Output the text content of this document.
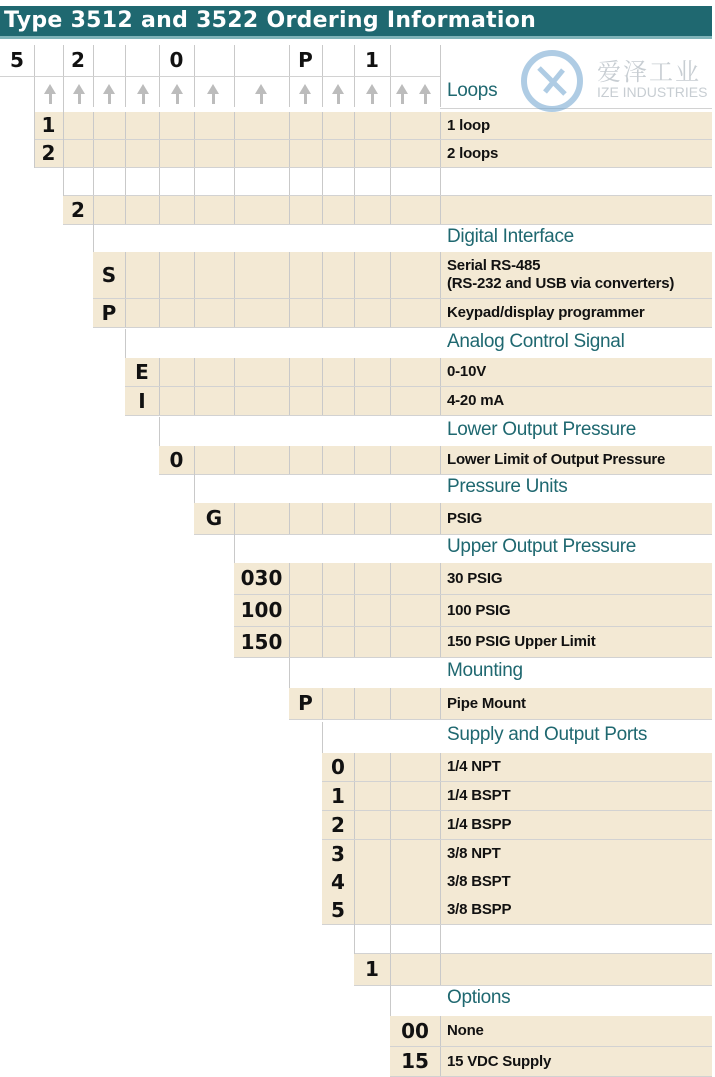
Type 3512 and 3522 Ordering Information
5	2	0	P	1
Loops
1	1 loop
2	2 loops
2
Digital Interface
S	Serial RS-485
(RS-232 and USB via converters)
P	Keypad/display programmer
Analog Control Signal
E	0-10V
I	4-20 mA
Lower Output Pressure
0	Lower Limit of Output Pressure
Pressure Units
G	PSIG
Upper Output Pressure
030	30 PSIG
100	100 PSIG
150	150 PSIG Upper Limit
Mounting
P	Pipe Mount
Supply and Output Ports
0	1/4 NPT
1	1/4 BSPT
2	1/4 BSPP
3	3/8 NPT
4	3/8 BSPT
5	3/8 BSPP
1
Options
00	None
15	15 VDC Supply
爱泽工业
IZE INDUSTRIES
